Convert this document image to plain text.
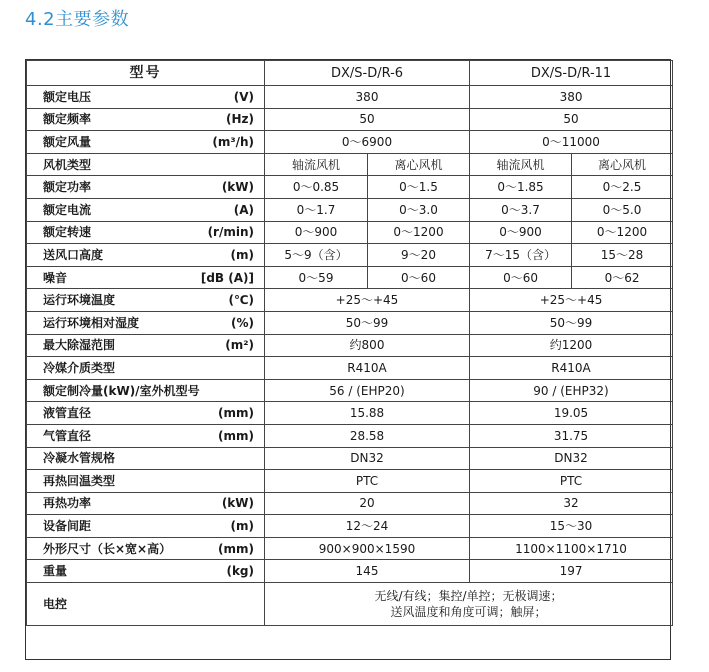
4.2主要参数
型号	DX/S-D/R-6		DX/S-D/R-11	

额定电压 (V)	380		380	

额定频率 (Hz)	50		50	

额定风量 (m³/h)	0～6900		0～11000	

风机类型	轴流风机	离心风机	轴流风机	离心风机

额定功率 (kW)	0～0.85	0～1.5	0～1.85	0～2.5

额定电流 (A)	0～1.7	0～3.0	0～3.7	0～5.0

额定转速 (r/min)	0～900	0～1200	0～900	0～1200

送风口高度 (m)	5～9（含）	9～20	7～15（含）	15～28

噪音 [dB (A)]	0～59	0～60	0～60	0～62

运行环境温度 (℃)	+25～+45		+25～+45	

运行环境相对湿度 (%)	50～99		50～99	

最大除湿范围 (m²)	约800		约1200	

冷媒介质类型	R410A		R410A	

额定制冷量(kW)/室外机型号	56 / (EHP20)		90 / (EHP32)	

液管直径 (mm)	15.88		19.05	

气管直径 (mm)	28.58		31.75	

冷凝水管规格	DN32		DN32	

再热回温类型	PTC		PTC	

再热功率 (kW)	20		32	

设备间距 (m)	12～24		15～30	

外形尺寸（长×宽×高） (mm)	900×900×1590		1100×1100×1710	

重量 (kg)	145		197	
电控	无线/有线；集控/单控；无极调速；
送风温度和角度可调；触屏；			
